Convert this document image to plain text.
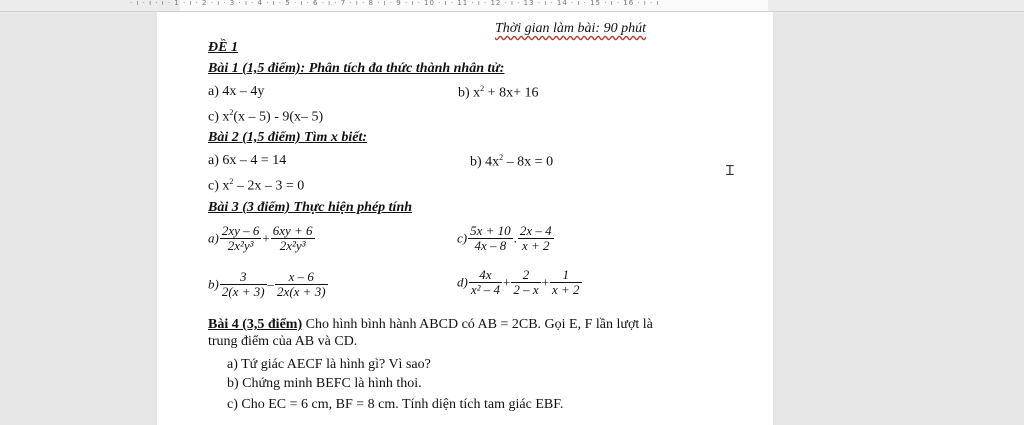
· ı · ı · ı · 1 · ı · 2 · ı · 3 · ı · 4 · ı · 5 · ı · 6 · ı · 7 · ı · 8 · ı · 9 · ı · 10 · ı · 11 · ı · 12 · ı · 13 · ı · 14 · ı · 15 · ı · 16 · ı · ı
Thời gian làm bài: 90 phút
ĐỀ 1
Bài 1 (1,5 điểm): Phân tích đa thức thành nhân tử:
a) 4x – 4y	b) $x^2 + 8x+ 16$
c) $x^2(x - 5) - 9(x-$ 5)
Bài 2 (1,5 điểm) Tìm x biết:
a) 6x – 4 = 14	b) $4x^2 - 8x = 0$
c) $x^2 - 2x - 3 = 0$
Ɪ
Bài 3 (3 điểm) Thực hiện phép tính
$a) \frac{2xy - 6}{\text{2x²y³}} + \frac{6xy + 6}{\text{2x²y³}}$	$c) \frac{5x + 10}{4x - 8}$ . $\frac{2x - 4}{x + 2}$
$b) \frac{3}{2(x + 3)} - \frac{x - 6}{2x(x + 3)}$	$d) \frac{4x}{\text{x² – 4}} + \frac{2}{2 - x} + \frac{1}{x + 2}$
Bài 4 (3,5 điểm) Cho hình bình hành ABCD có AB = 2CB. Gọi E, F lần lượt là
trung điểm của AB và CD.
a) Tứ giác AECF là hình gì? Vì sao?
b) Chứng minh BEFC là hình thoi.
c) Cho EC = 6 cm, BF = 8 cm. Tính diện tích tam giác EBF.
